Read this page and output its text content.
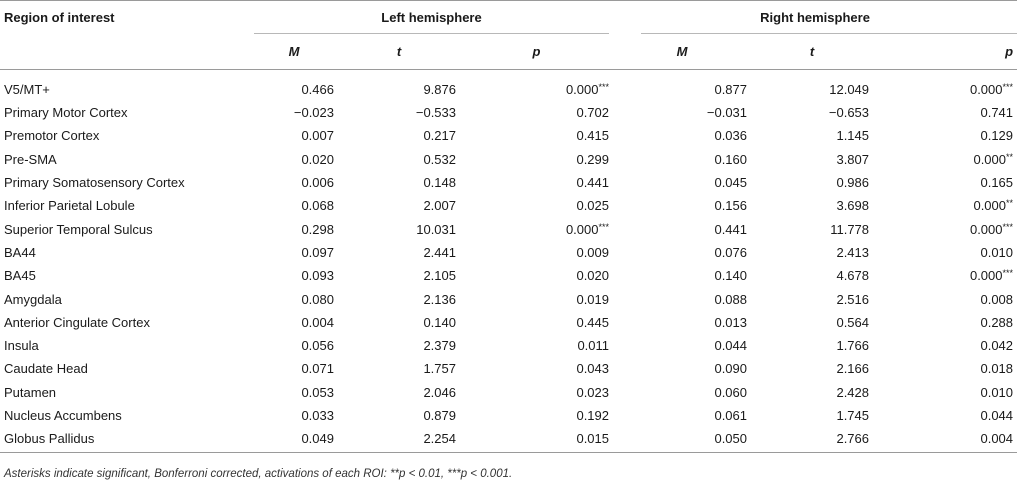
Region of interest	Left hemisphere			Right hemisphere		

	M	t	p	M	t	p
V5/MT+	0.466	9.876	0.000***	0.877	12.049	0.000***
Primary Motor Cortex	−0.023	−0.533	0.702	−0.031	−0.653	0.741
Premotor Cortex	0.007	0.217	0.415	0.036	1.145	0.129
Pre-SMA	0.020	0.532	0.299	0.160	3.807	0.000**
Primary Somatosensory Cortex	0.006	0.148	0.441	0.045	0.986	0.165
Inferior Parietal Lobule	0.068	2.007	0.025	0.156	3.698	0.000**
Superior Temporal Sulcus	0.298	10.031	0.000***	0.441	11.778	0.000***
BA44	0.097	2.441	0.009	0.076	2.413	0.010
BA45	0.093	2.105	0.020	0.140	4.678	0.000***
Amygdala	0.080	2.136	0.019	0.088	2.516	0.008
Anterior Cingulate Cortex	0.004	0.140	0.445	0.013	0.564	0.288
Insula	0.056	2.379	0.011	0.044	1.766	0.042
Caudate Head	0.071	1.757	0.043	0.090	2.166	0.018
Putamen	0.053	2.046	0.023	0.060	2.428	0.010
Nucleus Accumbens	0.033	0.879	0.192	0.061	1.745	0.044
Globus Pallidus	0.049	2.254	0.015	0.050	2.766	0.004
Asterisks indicate significant, Bonferroni corrected, activations of each ROI: **p < 0.01, ***p < 0.001.
